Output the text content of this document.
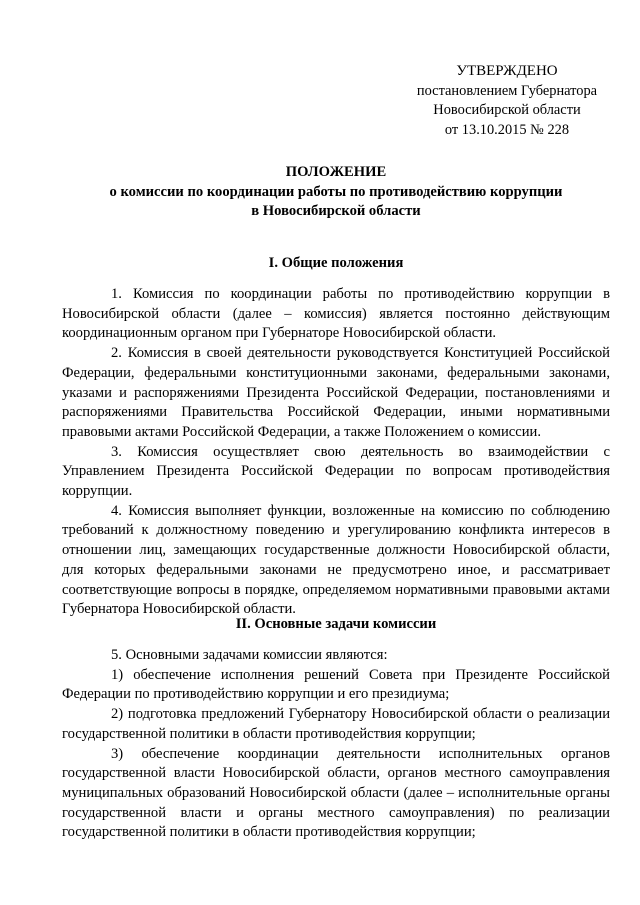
УТВЕРЖДЕНО
постановлением Губернатора
Новосибирской области
от 13.10.2015 № 228
ПОЛОЖЕНИЕ
о комиссии по координации работы по противодействию коррупции
в Новосибирской области
I. Общие положения

1. Комиссия по координации работы по противодействию коррупции в Новосибирской области (далее – комиссия) является постоянно действующим координационным органом при Губернаторе Новосибирской области.

2. Комиссия в своей деятельности руководствуется Конституцией Российской Федерации, федеральными конституционными законами, федеральными законами, указами и распоряжениями Президента Российской Федерации, постановлениями и распоряжениями Правительства Российской Федерации, иными нормативными правовыми актами Российской Федерации, а также Положением о комиссии.

3. Комиссия осуществляет свою деятельность во взаимодействии с Управлением Президента Российской Федерации по вопросам противодействия коррупции.

4. Комиссия выполняет функции, возложенные на комиссию по соблюдению требований к должностному поведению и урегулированию конфликта интересов в отношении лиц, замещающих государственные должности Новосибирской области, для которых федеральными законами не предусмотрено иное, и рассматривает соответствующие вопросы в порядке, определяемом нормативными правовыми актами Губернатора Новосибирской области.

II. Основные задачи комиссии

5. Основными задачами комиссии являются:

1) обеспечение исполнения решений Совета при Президенте Российской Федерации по противодействию коррупции и его президиума;

2) подготовка предложений Губернатору Новосибирской области о реализации государственной политики в области противодействия коррупции;

3) обеспечение координации деятельности исполнительных органов государственной власти Новосибирской области, органов местного самоуправления муниципальных образований Новосибирской области (далее – исполнительные органы государственной власти и органы местного самоуправления) по реализации государственной политики в области противодействия коррупции;
